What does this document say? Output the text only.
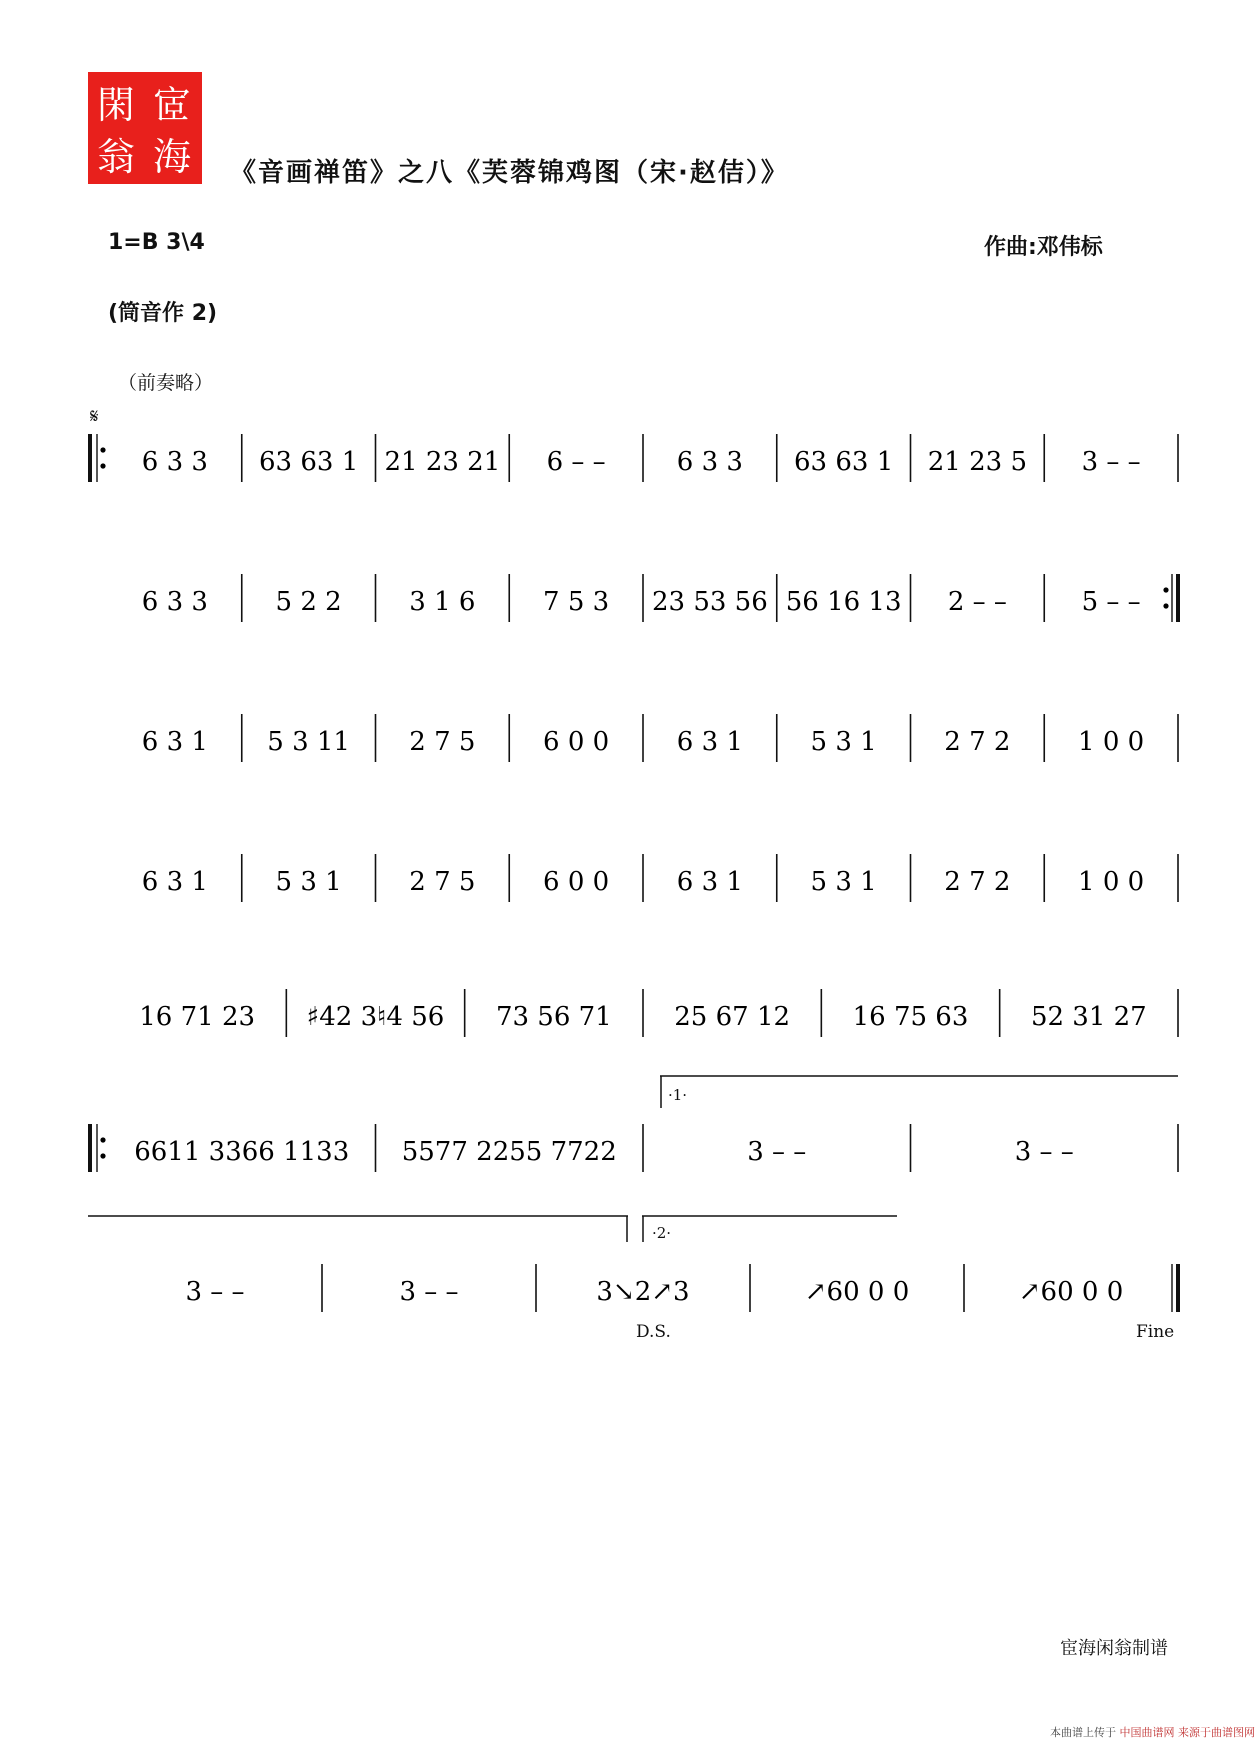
閑 宧
翁 海 《音画禅笛》之八《芙蓉锦鸡图（宋·赵佶）》
1=B 3\4	作曲:邓伟标
(筒音作 2)
（前奏略）
𝄋
6 3 3 63 63 1 21 23 21 6 – –	6 3 3 63 63 1 21 23 5 3 – –
6 3 3	5 2 2	3 1 6	7 5 3 23 53 56 56 16 13 2 – –	5 – –
6 3 1 5 3 11 2 7 5	6 0 0	6 3 1	5 3 1	2 7 2	1 0 0
6 3 1	5 3 1	2 7 5	6 0 0	6 3 1	5 3 1	2 7 2	1 0 0
16 71 23 ♯42 3♮4 56 73 56 71 25 67 12 16 75 63 52 31 27
6611 3366 1133 5577 2255 7722	3 – –	3 – –
3 – –	3 – –	3↘2↗3	↗60 0 0	↗60 0 0
·1·
·2·
D.S.	Fine
宦海闲翁制谱
本曲谱上传于 中国曲谱网 来源于曲谱图网
